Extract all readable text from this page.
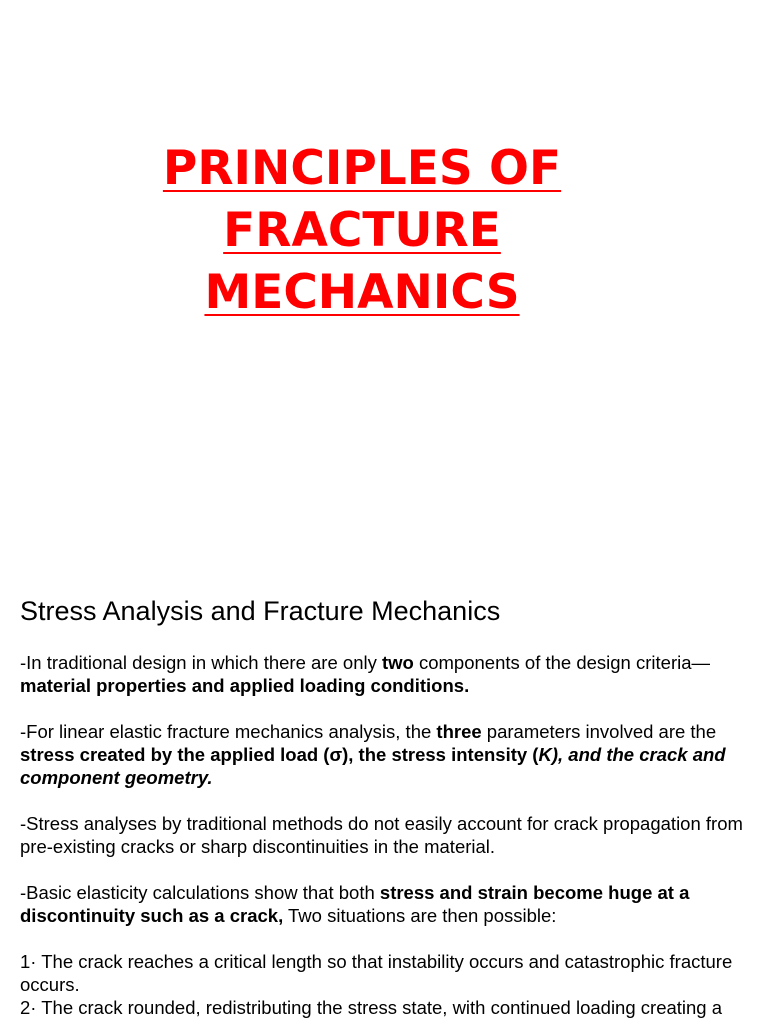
PRINCIPLES OF
FRACTURE
MECHANICS
Stress Analysis and Fracture Mechanics

-In traditional design in which there are only two components of the design criteria—material properties and applied loading conditions.

-For linear elastic fracture mechanics analysis, the three parameters involved are the stress created by the applied load (σ), the stress intensity (K), and the crack and component geometry.

-Stress analyses by traditional methods do not easily account for crack propagation from pre-existing cracks or sharp discontinuities in the material.

-Basic elasticity calculations show that both stress and strain become huge at a discontinuity such as a crack, Two situations are then possible:

1· The crack reaches a critical length so that instability occurs and catastrophic fracture occurs.

2· The crack rounded, redistributing the stress state, with continued loading creating a
